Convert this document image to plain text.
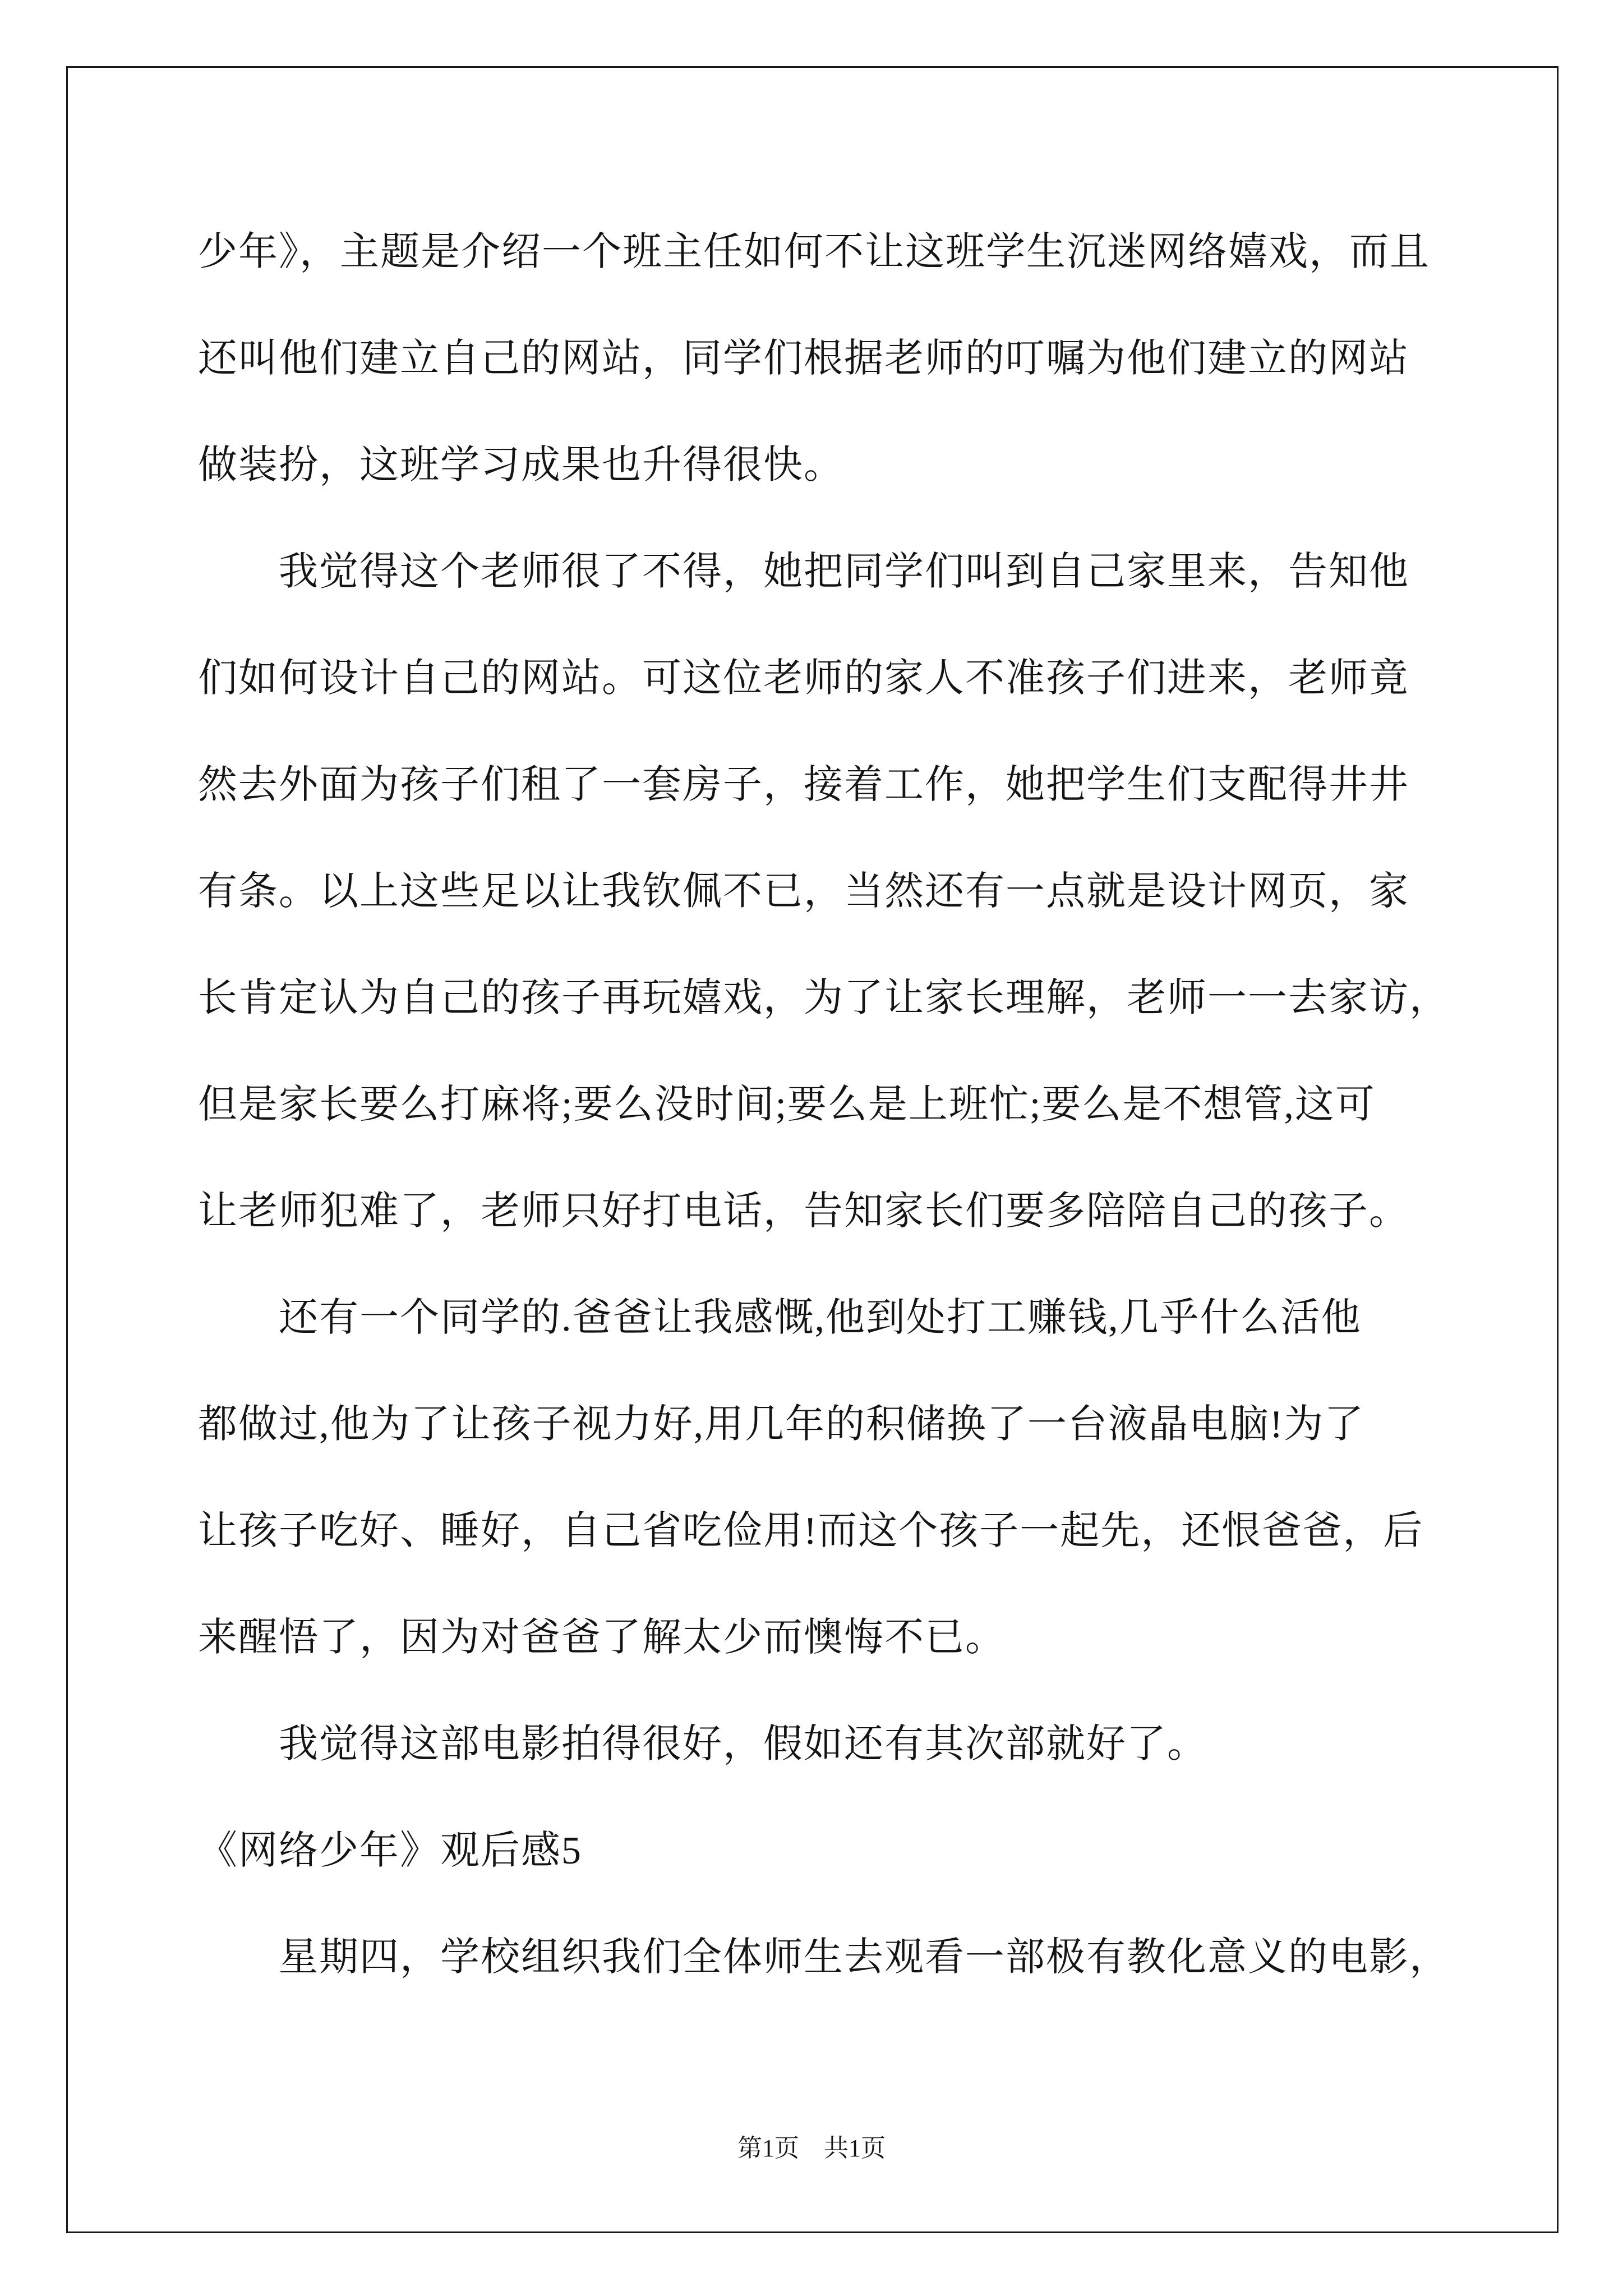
少年》，主题是介绍一个班主任如何不让这班学生沉迷网络嬉戏，而且
还叫他们建立自己的网站，同学们根据老师的叮嘱为他们建立的网站
做装扮，这班学习成果也升得很快。
我觉得这个老师很了不得，她把同学们叫到自己家里来，告知他
们如何设计自己的网站。可这位老师的家人不准孩子们进来，老师竟
然去外面为孩子们租了一套房子，接着工作，她把学生们支配得井井
有条。以上这些足以让我钦佩不已，当然还有一点就是设计网页，家
长肯定认为自己的孩子再玩嬉戏，为了让家长理解，老师一一去家访，
但是家长要么打麻将;要么没时间;要么是上班忙;要么是不想管,这可
让老师犯难了，老师只好打电话，告知家长们要多陪陪自己的孩子。
还有一个同学的.爸爸让我感慨,他到处打工赚钱,几乎什么活他
都做过,他为了让孩子视力好,用几年的积储换了一台液晶电脑!为了
让孩子吃好、睡好，自己省吃俭用!而这个孩子一起先，还恨爸爸，后
来醒悟了，因为对爸爸了解太少而懊悔不已。
我觉得这部电影拍得很好，假如还有其次部就好了。
《网络少年》观后感5
星期四，学校组织我们全体师生去观看一部极有教化意义的电影，
第1页 共1页
